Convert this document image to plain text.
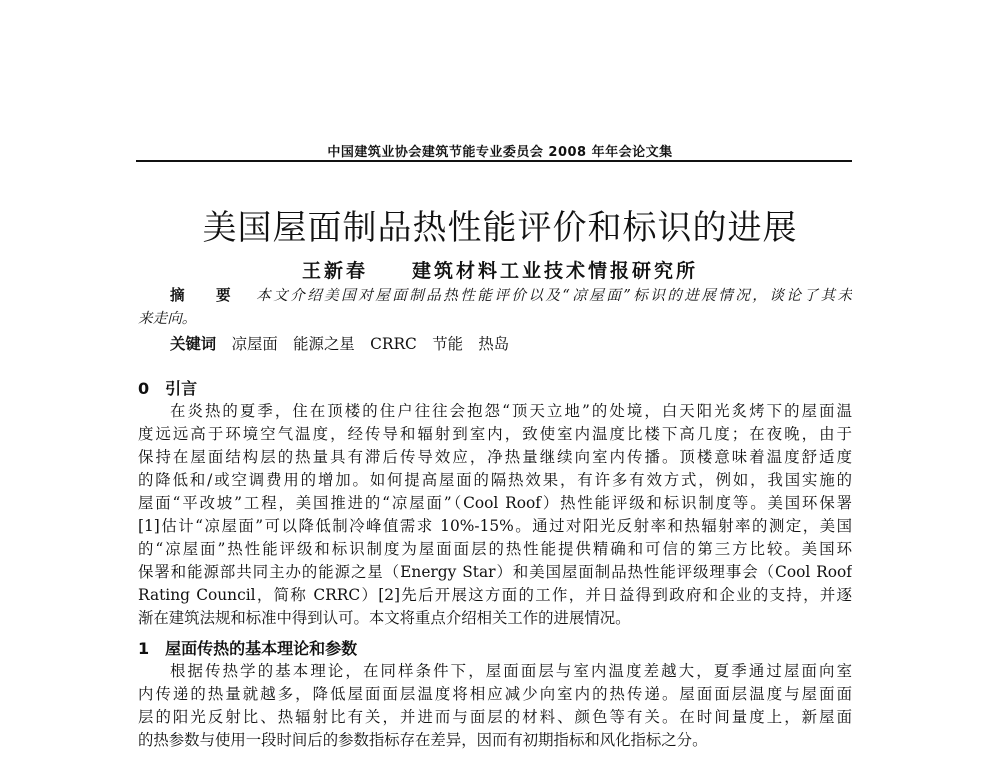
中国建筑业协会建筑节能专业委员会 2008 年年会论文集
美国屋面制品热性能评价和标识的进展
王新春　　 建筑材料工业技术情报研究所
摘　要　 本文介绍美国对屋面制品热性能评价以及“凉屋面”标识的进展情况，谈论了其未
来走向。
关键词　 凉屋面　能源之星　CRRC　节能　热岛
0　引言
在炎热的夏季，住在顶楼的住户往往会抱怨“顶天立地”的处境，白天阳光炙烤下的屋面温
度远远高于环境空气温度，经传导和辐射到室内，致使室内温度比楼下高几度；在夜晚，由于
保持在屋面结构层的热量具有滞后传导效应，净热量继续向室内传播。顶楼意味着温度舒适度
的降低和/或空调费用的增加。如何提高屋面的隔热效果，有许多有效方式，例如，我国实施的
屋面“平改坡”工程，美国推进的“凉屋面”（Cool Roof）热性能评级和标识制度等。美国环保署
[1]估计“凉屋面”可以降低制冷峰值需求 10%-15%。通过对阳光反射率和热辐射率的测定，美国
的“凉屋面”热性能评级和标识制度为屋面面层的热性能提供精确和可信的第三方比较。美国环
保署和能源部共同主办的能源之星（Energy Star）和美国屋面制品热性能评级理事会（Cool Roof
Rating Council，简称 CRRC）[2]先后开展这方面的工作，并日益得到政府和企业的支持，并逐
渐在建筑法规和标准中得到认可。本文将重点介绍相关工作的进展情况。
1　屋面传热的基本理论和参数
根据传热学的基本理论，在同样条件下，屋面面层与室内温度差越大，夏季通过屋面向室
内传递的热量就越多，降低屋面面层温度将相应减少向室内的热传递。屋面面层温度与屋面面
层的阳光反射比、热辐射比有关，并进而与面层的材料、颜色等有关。在时间量度上，新屋面
的热参数与使用一段时间后的参数指标存在差异，因而有初期指标和风化指标之分。
